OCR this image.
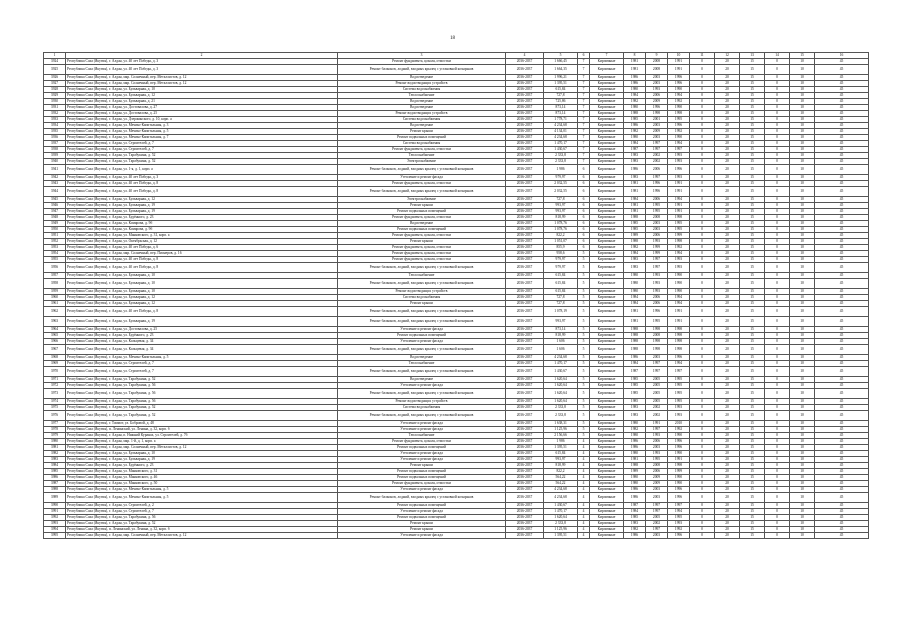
18
1	2	3	4	5	6	7	8	9	10	11	12	13	14	15	16
3924	Республика Саха (Якутия), г. Алдан, ул. 40 лет Победы, д. 3	Ремонт фундамента, цоколя, отмостки	2036-2037	1 666,45	7	Кирпичные	1981	2008	1991	0	20	15	0	10	45
3925	Республика Саха (Якутия), г. Алдан, ул. 40 лет Победы, д. 3	Ремонт балконов, лоджий, входных крылец с установкой козырьков	2036-2037	1 664,35	7	Кирпичные	1981	2008	1991	0	20	15	0	10	45
3926	Республика Саха (Якутия), г. Алдан, мкр. Солнечный, пер. Металлистов, д. 12	Водоотведение	2036-2037	1 996,21	7	Кирпичные	1986	2003	1996	0	20	15	0	10	45
3927	Республика Саха (Якутия), г. Алдан, мкр. Солнечный, пер. Металлистов, д. 12	Ремонт водоотводящих устройств	2036-2037	1 395,51	7	Кирпичные	1986	2003	1996	0	20	15	0	10	45
3928	Республика Саха (Якутия), г. Алдан, ул. Бульварная, д. 10	Система водоснабжения	2036-2037	615,84	7	Кирпичные	1980	1993	1990	0	20	15	0	10	45
3929	Республика Саха (Якутия), г. Алдан, ул. Бульварная, д. 12	Теплоснабжение	2036-2037	727,8	7	Кирпичные	1984	2006	1994	0	20	15	0	10	45
3930	Республика Саха (Якутия), г. Алдан, ул. Бульварная, д. 21	Водоотведение	2036-2037	725,86	7	Кирпичные	1982	2009	1992	0	20	15	0	10	45
3931	Республика Саха (Якутия), г. Алдан, ул. Достовалова, д. 27	Водоотведение	2036-2037	873,14	7	Кирпичные	1980	1996	1990	0	20	15	0	10	45
3932	Республика Саха (Якутия), г. Алдан, ул. Достовалова, д. 25	Ремонт водоотводящих устройств	2036-2037	873,14	7	Кирпичные	1988	1998	1998	0	20	15	0	10	45
3933	Республика Саха (Якутия), г. Алдан, ул. Дзержинского, д. 10, корп. а	Система водоснабжения	2036-2037	1 778,71	7	Кирпичные	1985	2001	1995	0	20	15	0	10	45
3934	Республика Саха (Якутия), г. Алдан, ул. Мечико-Капитальная, д. 3	Водоотведение	2036-2037	4 234,68	7	Кирпичные	1986	2003	1996	0	20	15	0	10	45
3935	Республика Саха (Якутия), г. Алдан, ул. Мечико-Капитальная, д. 5	Ремонт крыши	2036-2037	4 134,01	7	Кирпичные	1982	2009	1992	0	20	15	0	10	45
3936	Республика Саха (Якутия), г. Алдан, ул. Мечико-Капитальная, д. 7	Ремонт подвальных помещений	2036-2037	4 234,68	7	Кирпичные	1980	2003	1990	0	20	15	0	10	45
3937	Республика Саха (Якутия), г. Алдан, ул. Строителей, д. 7	Система водоснабжения	2036-2037	1 470,17	7	Кирпичные	1984	1997	1994	0	20	15	0	10	45
3938	Республика Саха (Якутия), г. Алдан, ул. Строителей, д. 7	Ремонт фундамента, цоколя, отмостки	2036-2037	1 430,67	7	Кирпичные	1987	1997	1997	0	20	15	0	10	45
3939	Республика Саха (Якутия), г. Алдан, ул. Тарабукина, д. 52	Теплоснабжение	2036-2037	2 333,8	7	Кирпичные	1983	2002	1993	0	20	15	0	10	45
3940	Республика Саха (Якутия), г. Алдан, ул. Тарабукина, д. 52	Электроснабжение	2036-2037	2 333,8	7	Кирпичные	1983	2002	1993	0	20	15	0	10	45
3941	Республика Саха (Якутия), г. Алдан, ул. 1-я, д. 1, корп. а	Ремонт балконов, лоджий, входных крылец с установкой козырьков	2036-2037	1 986	6	Кирпичные	1986	2006	1996	0	20	15	0	10	45
3942	Республика Саха (Якутия), г. Алдан, ул. 40 лет Победы, д. 3	Утепление и ремонт фасада	2036-2037	979,97	6	Кирпичные	1983	1997	1993	0	20	15	0	10	45
3943	Республика Саха (Якутия), г. Алдан, ул. 40 лет Победы, д. 8	Ремонт фундамента, цоколя, отмостки	2036-2037	2 032,55	6	Кирпичные	1981	1996	1991	0	20	15	0	10	45
3944	Республика Саха (Якутия), г. Алдан, ул. 40 лет Победы, д. 8	Ремонт балконов, лоджий, входных крылец с установкой козырьков	2036-2037	2 032,55	6	Кирпичные	1981	1996	1991	0	20	15	0	10	45
3945	Республика Саха (Якутия), г. Алдан, ул. Бульварная, д. 12	Электроснабжение	2036-2037	727,8	6	Кирпичные	1984	2006	1994	0	20	15	0	10	45
3946	Республика Саха (Якутия), г. Алдан, ул. Бульварная, д. 19	Ремонт крыши	2036-2037	993,97	6	Кирпичные	1981	1995	1991	0	20	15	0	10	45
3947	Республика Саха (Якутия), г. Алдан, ул. Бульварная, д. 19	Ремонт подвальных помещений	2036-2037	993,97	6	Кирпичные	1981	1995	1991	0	20	15	0	10	45
3948	Республика Саха (Якутия), г. Алдан, ул. Будённого, д. 23	Ремонт фундамента, цоколя, отмостки	2036-2037	818,99	6	Кирпичные	1988	2008	1998	0	20	15	0	10	45
3949	Республика Саха (Якутия), г. Алдан, ул. Комарова, д. 9б	Водоотведение	2036-2037	1 078,76	6	Кирпичные	1985	2003	1995	0	20	15	0	10	45
3950	Республика Саха (Якутия), г. Алдан, ул. Комарова, д. 9б	Ремонт подвальных помещений	2036-2037	1 078,76	6	Кирпичные	1985	2003	1995	0	20	15	0	10	45
3951	Республика Саха (Якутия), г. Алдан, ул. Маяковского, д. 31, корп. а	Ремонт фундамента, цоколя, отмостки	2036-2037	822,2	6	Кирпичные	1989	2006	1999	0	20	15	0	10	45
3952	Республика Саха (Якутия), г. Алдан, ул. Октябрьская, д. 12	Ремонт крыши	2036-2037	1 051,07	6	Кирпичные	1988	1993	1998	0	20	15	0	10	45
3953	Республика Саха (Якутия), г. Алдан, ул. 40 лет Победы, д. 6	Ремонт фундамента, цоколя, отмостки	2036-2037	855,9	6	Кирпичные	1982	1999	1992	0	20	15	0	10	45
3954	Республика Саха (Якутия), г. Алдан, мкр. Солнечный, пер. Пионеров, д. 16	Ремонт фундамента, цоколя, отмостки	2036-2037	958,6	5	Кирпичные	1984	1999	1994	0	20	15	0	10	45
3955	Республика Саха (Якутия), г. Алдан, ул. 40 лет Победы, д. 8	Ремонт фундамента, цоколя, отмостки	2036-2037	979,97	5	Кирпичные	1983	1997	1993	0	20	15	0	10	45
3956	Республика Саха (Якутия), г. Алдан, ул. 40 лет Победы, д. 8	Ремонт балконов, лоджий, входных крылец с установкой козырьков	2036-2037	979,97	5	Кирпичные	1983	1997	1993	0	20	15	0	10	45
3957	Республика Саха (Якутия), г. Алдан, ул. Бульварная, д. 10	Теплоснабжение	2036-2037	615,84	5	Кирпичные	1980	1993	1990	0	20	15	0	10	45
3958	Республика Саха (Якутия), г. Алдан, ул. Бульварная, д. 10	Ремонт балконов, лоджий, входных крылец с установкой козырьков	2036-2037	615,84	5	Кирпичные	1980	1993	1990	0	20	15	0	10	45
3959	Республика Саха (Якутия), г. Алдан, ул. Бульварная, д. 10	Ремонт водоотводящих устройств	2036-2037	615,84	5	Кирпичные	1980	1993	1990	0	20	15	0	10	45
3960	Республика Саха (Якутия), г. Алдан, ул. Бульварная, д. 12	Система водоснабжения	2036-2037	727,8	5	Кирпичные	1984	2006	1994	0	20	15	0	10	45
3961	Республика Саха (Якутия), г. Алдан, ул. Бульварная, д. 12	Ремонт крыши	2036-2037	727,8	5	Кирпичные	1984	2006	1994	0	20	15	0	10	45
3962	Республика Саха (Якутия), г. Алдан, ул. 40 лет Победы, д. 8	Ремонт балконов, лоджий, входных крылец с установкой козырьков	2036-2037	1 078,19	5	Кирпичные	1981	1996	1991	0	20	15	0	10	45
3963	Республика Саха (Якутия), г. Алдан, ул. Бульварная, д. 19	Ремонт балконов, лоджий, входных крылец с установкой козырьков	2036-2037	993,97	5	Кирпичные	1981	1995	1991	0	20	15	0	10	45
3964	Республика Саха (Якутия), г. Алдан, ул. Достовалова, д. 25	Утепление и ремонт фасада	2036-2037	873,14	5	Кирпичные	1988	1998	1998	0	20	15	0	10	45
3965	Республика Саха (Якутия), г. Алдан, ул. Будённого, д. 23	Ремонт подвальных помещений	2036-2037	818,99	5	Кирпичные	1988	2008	1998	0	20	15	0	10	45
3966	Республика Саха (Якутия), г. Алдан, ул. Кольцевая, д. 34	Утепление и ремонт фасада	2036-2037	1 606	5	Кирпичные	1988	1998	1998	0	20	15	0	10	45
3967	Республика Саха (Якутия), г. Алдан, ул. Кольцевая, д. 34	Ремонт балконов, лоджий, входных крылец с установкой козырьков	2036-2037	1 606	5	Кирпичные	1988	1998	1998	0	20	15	0	10	45
3968	Республика Саха (Якутия), г. Алдан, ул. Мечико-Капитальная, д. 5	Водоотведение	2036-2037	4 234,68	5	Кирпичные	1986	2003	1996	0	20	15	0	10	45
3969	Республика Саха (Якутия), г. Алдан, ул. Строителей, д. 7	Теплоснабжение	2036-2037	1 470,17	5	Кирпичные	1984	1997	1994	0	20	15	0	10	45
3970	Республика Саха (Якутия), г. Алдан, ул. Строителей, д. 7	Ремонт балконов, лоджий, входных крылец с установкой козырьков	2036-2037	1 430,67	5	Кирпичные	1987	1997	1997	0	20	15	0	10	45
3971	Республика Саха (Якутия), г. Алдан, ул. Тарабукина, д. 52	Водоотведение	2036-2037	1 620,64	5	Кирпичные	1985	2005	1995	0	20	15	0	10	45
3972	Республика Саха (Якутия), г. Алдан, ул. Тарабукина, д. 56	Утепление и ремонт фасада	2036-2037	1 620,64	5	Кирпичные	1985	2005	1995	0	20	15	0	10	45
3973	Республика Саха (Якутия), г. Алдан, ул. Тарабукина, д. 56	Ремонт балконов, лоджий, входных крылец с установкой козырьков	2036-2037	1 620,64	5	Кирпичные	1985	2005	1995	0	20	15	0	10	45
3974	Республика Саха (Якутия), г. Алдан, ул. Тарабукина, д. 56	Ремонт водоотводящих устройств	2036-2037	1 620,64	5	Кирпичные	1985	2005	1995	0	20	15	0	10	45
3975	Республика Саха (Якутия), г. Алдан, ул. Тарабукина, д. 52	Система водоснабжения	2036-2037	2 333,8	5	Кирпичные	1983	2002	1993	0	20	15	0	10	45
3976	Республика Саха (Якутия), г. Алдан, ул. Тарабукина, д. 52	Ремонт балконов, лоджий, входных крылец с установкой козырьков	2036-2037	2 333,8	5	Кирпичные	1983	2002	1993	0	20	15	0	10	45
3977	Республика Саха (Якутия), г. Томмот, ул. Бобровой, д. 48	Утепление и ремонт фасада	2036-2037	1 638,31	5	Кирпичные	1980	1991	2010	0	20	15	0	10	45
3978	Республика Саха (Якутия), п. Ленинский, ул. Ленина, д. 32, корп. б	Утепление и ремонт фасада	2036-2037	1 125,96	5	Кирпичные	1982	1997	1992	0	20	15	0	10	45
3979	Республика Саха (Якутия), г. Алдан, п. Нижний Куранах, ул. Строителей, д. 7б	Теплоснабжение	2036-2037	2 156,66	5	Кирпичные	1980	1993	1990	0	20	15	0	10	45
3980	Республика Саха (Якутия), г. Алдан, мкр. 1-й, д. 1, корп. а	Ремонт фундамента, цоколя, отмостки	2036-2037	1 986	4	Кирпичные	1986	2006	1996	0	20	15	0	10	45
3981	Республика Саха (Якутия), г. Алдан, мкр. Солнечный, пер. Металлистов, д. 12	Ремонт подвальных помещений	2036-2037	1 395,51	4	Кирпичные	1986	2003	1996	0	20	15	0	10	45
3982	Республика Саха (Якутия), г. Алдан, ул. Бульварная, д. 10	Утепление и ремонт фасада	2036-2037	615,84	4	Кирпичные	1980	1993	1990	0	20	15	0	10	45
3983	Республика Саха (Якутия), г. Алдан, ул. Бульварная, д. 19	Утепление и ремонт фасада	2036-2037	993,97	4	Кирпичные	1981	1995	1991	0	20	15	0	10	45
3984	Республика Саха (Якутия), г. Алдан, ул. Будённого, д. 23	Ремонт крыши	2036-2037	818,99	4	Кирпичные	1988	2008	1998	0	20	15	0	10	45
3985	Республика Саха (Якутия), г. Алдан, ул. Маяковского, д. 31	Ремонт подвальных помещений	2036-2037	822,2	4	Кирпичные	1989	2006	1999	0	20	15	0	10	45
3986	Республика Саха (Якутия), г. Алдан, ул. Маяковского, д. 46	Ремонт подвальных помещений	2036-2037	564,22	4	Кирпичные	1980	2009	1990	0	20	15	0	10	45
3987	Республика Саха (Якутия), г. Алдан, ул. Маяковского, д. 50	Ремонт фундамента, цоколя, отмостки	2036-2037	564,22	4	Кирпичные	1980	2009	1990	0	20	15	0	10	45
3988	Республика Саха (Якутия), г. Алдан, ул. Мечико-Капитальная, д. 5	Утепление и ремонт фасада	2036-2037	4 234,68	4	Кирпичные	1986	2003	1996	0	20	15	0	10	45
3989	Республика Саха (Якутия), г. Алдан, ул. Мечико-Капитальная, д. 5	Ремонт балконов, лоджий, входных крылец с установкой козырьков	2036-2037	4 234,68	4	Кирпичные	1986	2003	1996	0	20	15	0	10	45
3990	Республика Саха (Якутия), г. Алдан, ул. Строителей, д. 2	Ремонт подвальных помещений	2036-2037	1 430,67	4	Кирпичные	1987	1997	1997	0	20	15	0	10	45
3991	Республика Саха (Якутия), г. Алдан, ул. Строителей, д. 7	Утепление и ремонт фасада	2036-2037	1 470,17	4	Кирпичные	1984	1997	1994	0	20	15	0	10	45
3992	Республика Саха (Якутия), г. Алдан, ул. Тарабукина, д. 56	Ремонт подвальных помещений	2036-2037	1 620,64	4	Кирпичные	1985	2005	1995	0	20	15	0	10	45
3993	Республика Саха (Якутия), г. Алдан, ул. Тарабукина, д. 52	Ремонт крыши	2036-2037	2 333,8	4	Кирпичные	1983	2002	1993	0	20	15	0	10	45
3994	Республика Саха (Якутия), п. Ленинский, ул. Ленина, д. 32, корп. б	Ремонт крыши	2036-2037	1 125,96	4	Кирпичные	1982	1997	1992	0	20	15	0	10	45
3995	Республика Саха (Якутия), г. Алдан, мкр. Солнечный, пер. Металлистов, д. 12	Утепление и ремонт фасада	2036-2037	1 395,51	4	Кирпичные	1986	2003	1996	0	20	15	0	10	45
